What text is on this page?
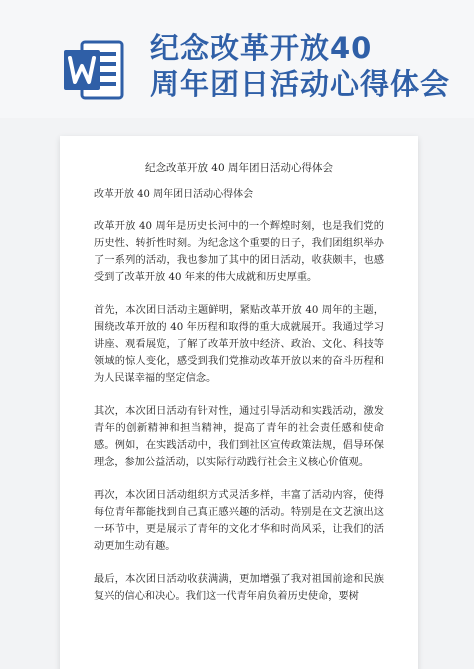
纪念改革开放40
周年团日活动心得体会
纪念改革开放 40 周年团日活动心得体会
改革开放 40 周年团日活动心得体会

改革开放 40 周年是历史长河中的一个辉煌时刻，也是我们党的历史性、转折性时刻。为纪念这个重要的日子，我们团组织举办了一系列的活动，我也参加了其中的团日活动，收获颇丰，也感受到了改革开放 40 年来的伟大成就和历史厚重。

首先，本次团日活动主题鲜明，紧贴改革开放 40 周年的主题，围绕改革开放的 40 年历程和取得的重大成就展开。我通过学习讲座、观看展览，了解了改革开放中经济、政治、文化、科技等领域的惊人变化，感受到我们党推动改革开放以来的奋斗历程和为人民谋幸福的坚定信念。

其次，本次团日活动有针对性，通过引导活动和实践活动，激发青年的创新精神和担当精神，提高了青年的社会责任感和使命感。例如，在实践活动中，我们到社区宣传政策法规，倡导环保理念，参加公益活动，以实际行动践行社会主义核心价值观。

再次，本次团日活动组织方式灵活多样，丰富了活动内容，使得每位青年都能找到自己真正感兴趣的活动。特别是在文艺演出这一环节中，更是展示了青年的文化才华和时尚风采，让我们的活动更加生动有趣。

最后，本次团日活动收获满满，更加增强了我对祖国前途和民族复兴的信心和决心。我们这一代青年肩负着历史使命，要树
